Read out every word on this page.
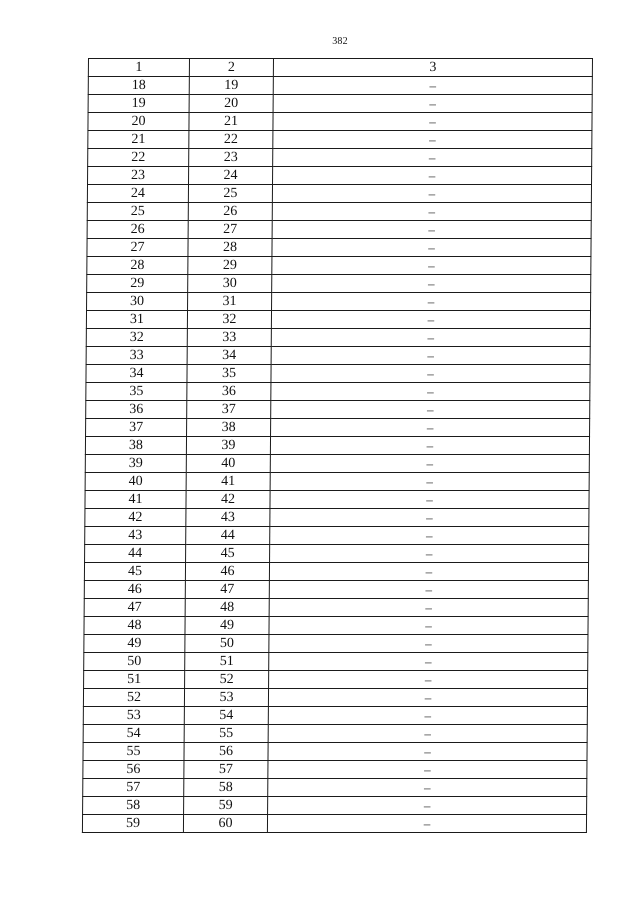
382
1	2	3
18	19	–
19	20	–
20	21	–
21	22	–
22	23	–
23	24	–
24	25	–
25	26	–
26	27	–
27	28	–
28	29	–
29	30	–
30	31	–
31	32	–
32	33	–
33	34	–
34	35	–
35	36	–
36	37	–
37	38	–
38	39	–
39	40	–
40	41	–
41	42	–
42	43	–
43	44	–
44	45	–
45	46	–
46	47	–
47	48	–
48	49	–
49	50	–
50	51	–
51	52	–
52	53	–
53	54	–
54	55	–
55	56	–
56	57	–
57	58	–
58	59	–
59	60	–
